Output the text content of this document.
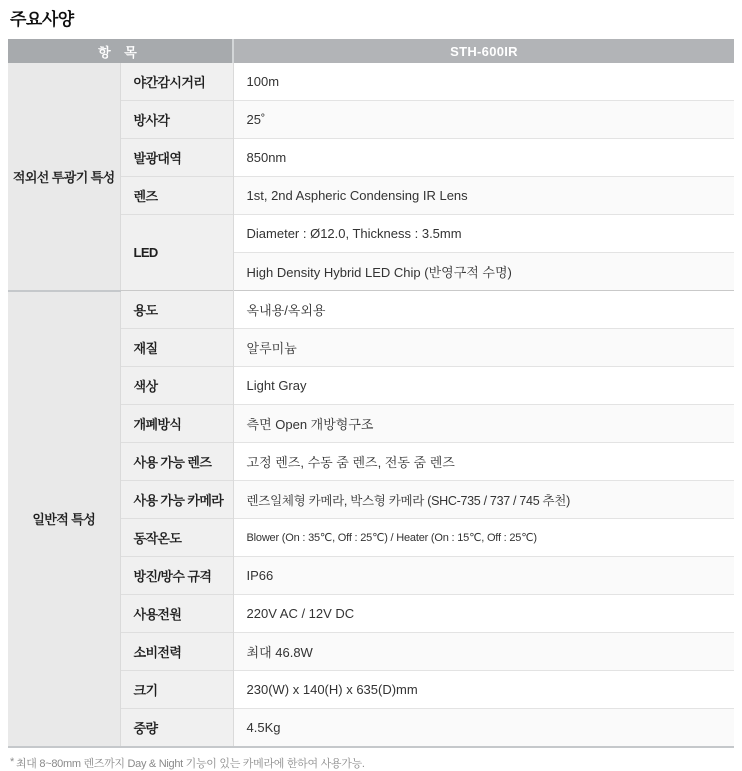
주요사양
항 목		STH-600IR
적외선 투광기 특성	야간감시거리	100m
	방사각	25˚
	발광대역	850nm
	렌즈	1st, 2nd Aspheric Condensing IR Lens
	LED	Diameter : Ø12.0, Thickness : 3.5mm
		High Density Hybrid LED Chip (반영구적 수명)
일반적 특성	용도	옥내용/옥외용
	재질	알루미늄
	색상	Light Gray
	개폐방식	측면 Open 개방형구조
	사용 가능 렌즈	고정 렌즈, 수동 줌 렌즈, 전동 줌 렌즈
	사용 가능 카메라	렌즈일체형 카메라, 박스형 카메라 (SHC-735 / 737 / 745 추천)
	동작온도	Blower (On : 35℃, Off : 25℃) / Heater (On : 15℃, Off : 25℃)
	방진/방수 규격	IP66
	사용전원	220V AC / 12V DC
	소비전력	최대 46.8W
	크기	230(W) x 140(H) x 635(D)mm
	중량	4.5Kg

* 최대 8~80mm 렌즈까지 Day & Night 기능이 있는 카메라에 한하여 사용가능.
